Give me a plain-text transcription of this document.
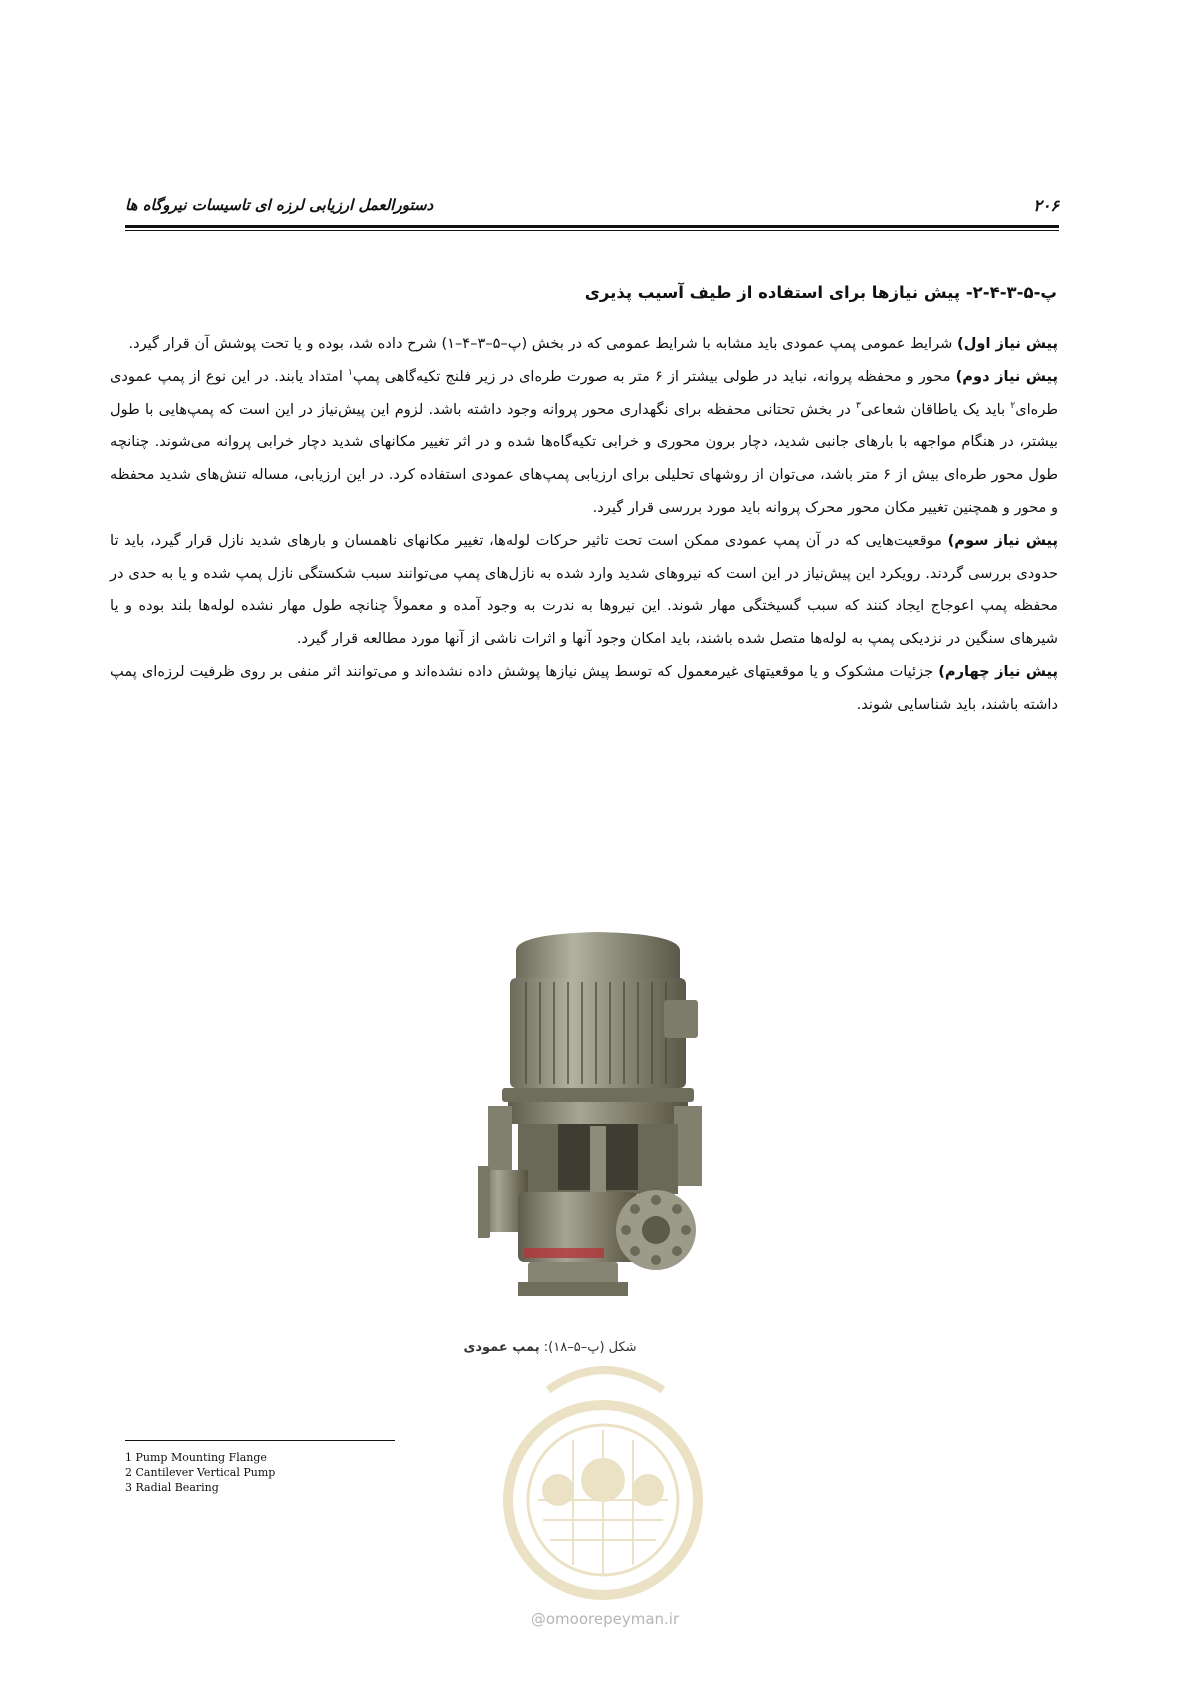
۲۰۶
دستورالعمل ارزیابی لرزه ای تاسیسات نیروگاه ها
پ-۵-۳-۴-۲- پیش نیازها برای استفاده از طیف آسیب پذیری

پیش نیاز اول) شرایط عمومی پمپ عمودی باید مشابه با شرایط عمومی که در بخش (پ–۵–۳–۴–۱) شرح داده شد، بوده و یا تحت پوشش آن قرار گیرد.

پیش نیاز دوم) محور و محفظه پروانه، نباید در طولی بیشتر از ۶ متر به صورت طره‌ای در زیر فلنج تکیه‌گاهی پمپ$^۱$ امتداد یابند. در این نوع از پمپ عمودی طره‌ای$^۲$ باید یک یاطاقان شعاعی$^۳$ در بخش تحتانی محفظه برای نگهداری محور پروانه وجود داشته باشد. لزوم این پیش‌نیاز در این است که پمپ‌هایی با طول بیشتر، در هنگام مواجهه با بارهای جانبی شدید، دچار برون محوری و خرابی تکیه‌گاه‌ها شده و در اثر تغییر مکانهای شدید دچار خرابی پروانه می‌شوند. چنانچه طول محور طره‌ای بیش از ۶ متر باشد، می‌توان از روشهای تحلیلی برای ارزیابی پمپ‌های عمودی استفاده کرد. در این ارزیابی، مساله تنش‌های شدید محفظه و محور و همچنین تغییر مکان محور محرک پروانه باید مورد بررسی قرار گیرد.

پیش نیاز سوم) موقعیت‌هایی که در آن پمپ عمودی ممکن است تحت تاثیر حرکات لوله‌ها، تغییر مکانهای ناهمسان و بارهای شدید نازل قرار گیرد، باید تا حدودی بررسی گردند. رویکرد این پیش‌نیاز در این است که نیروهای شدید وارد شده به نازل‌های پمپ می‌توانند سبب شکستگی نازل پمپ شده و یا به حدی در محفظه پمپ اعوجاج ایجاد کنند که سبب گسیختگی مهار شوند. این نیروها به ندرت به وجود آمده و معمولاً چنانچه طول مهار نشده لوله‌ها بلند بوده و یا شیرهای سنگین در نزدیکی پمپ به لوله‌ها متصل شده باشند، باید امکان وجود آنها و اثرات ناشی از آنها مورد مطالعه قرار گیرد.

پیش نیاز چهارم) جزئیات مشکوک و یا موقعیتهای غیرمعمول که توسط پیش نیازها پوشش داده نشده‌اند و می‌توانند اثر منفی بر روی ظرفیت لرزه‌ای پمپ داشته باشند، باید شناسایی شوند.

شکل (پ–۵–۱۸): پمپ عمودی
@omoorepeyman.ir
1 Pump Mounting Flange
2 Cantilever Vertical Pump
3 Radial Bearing
